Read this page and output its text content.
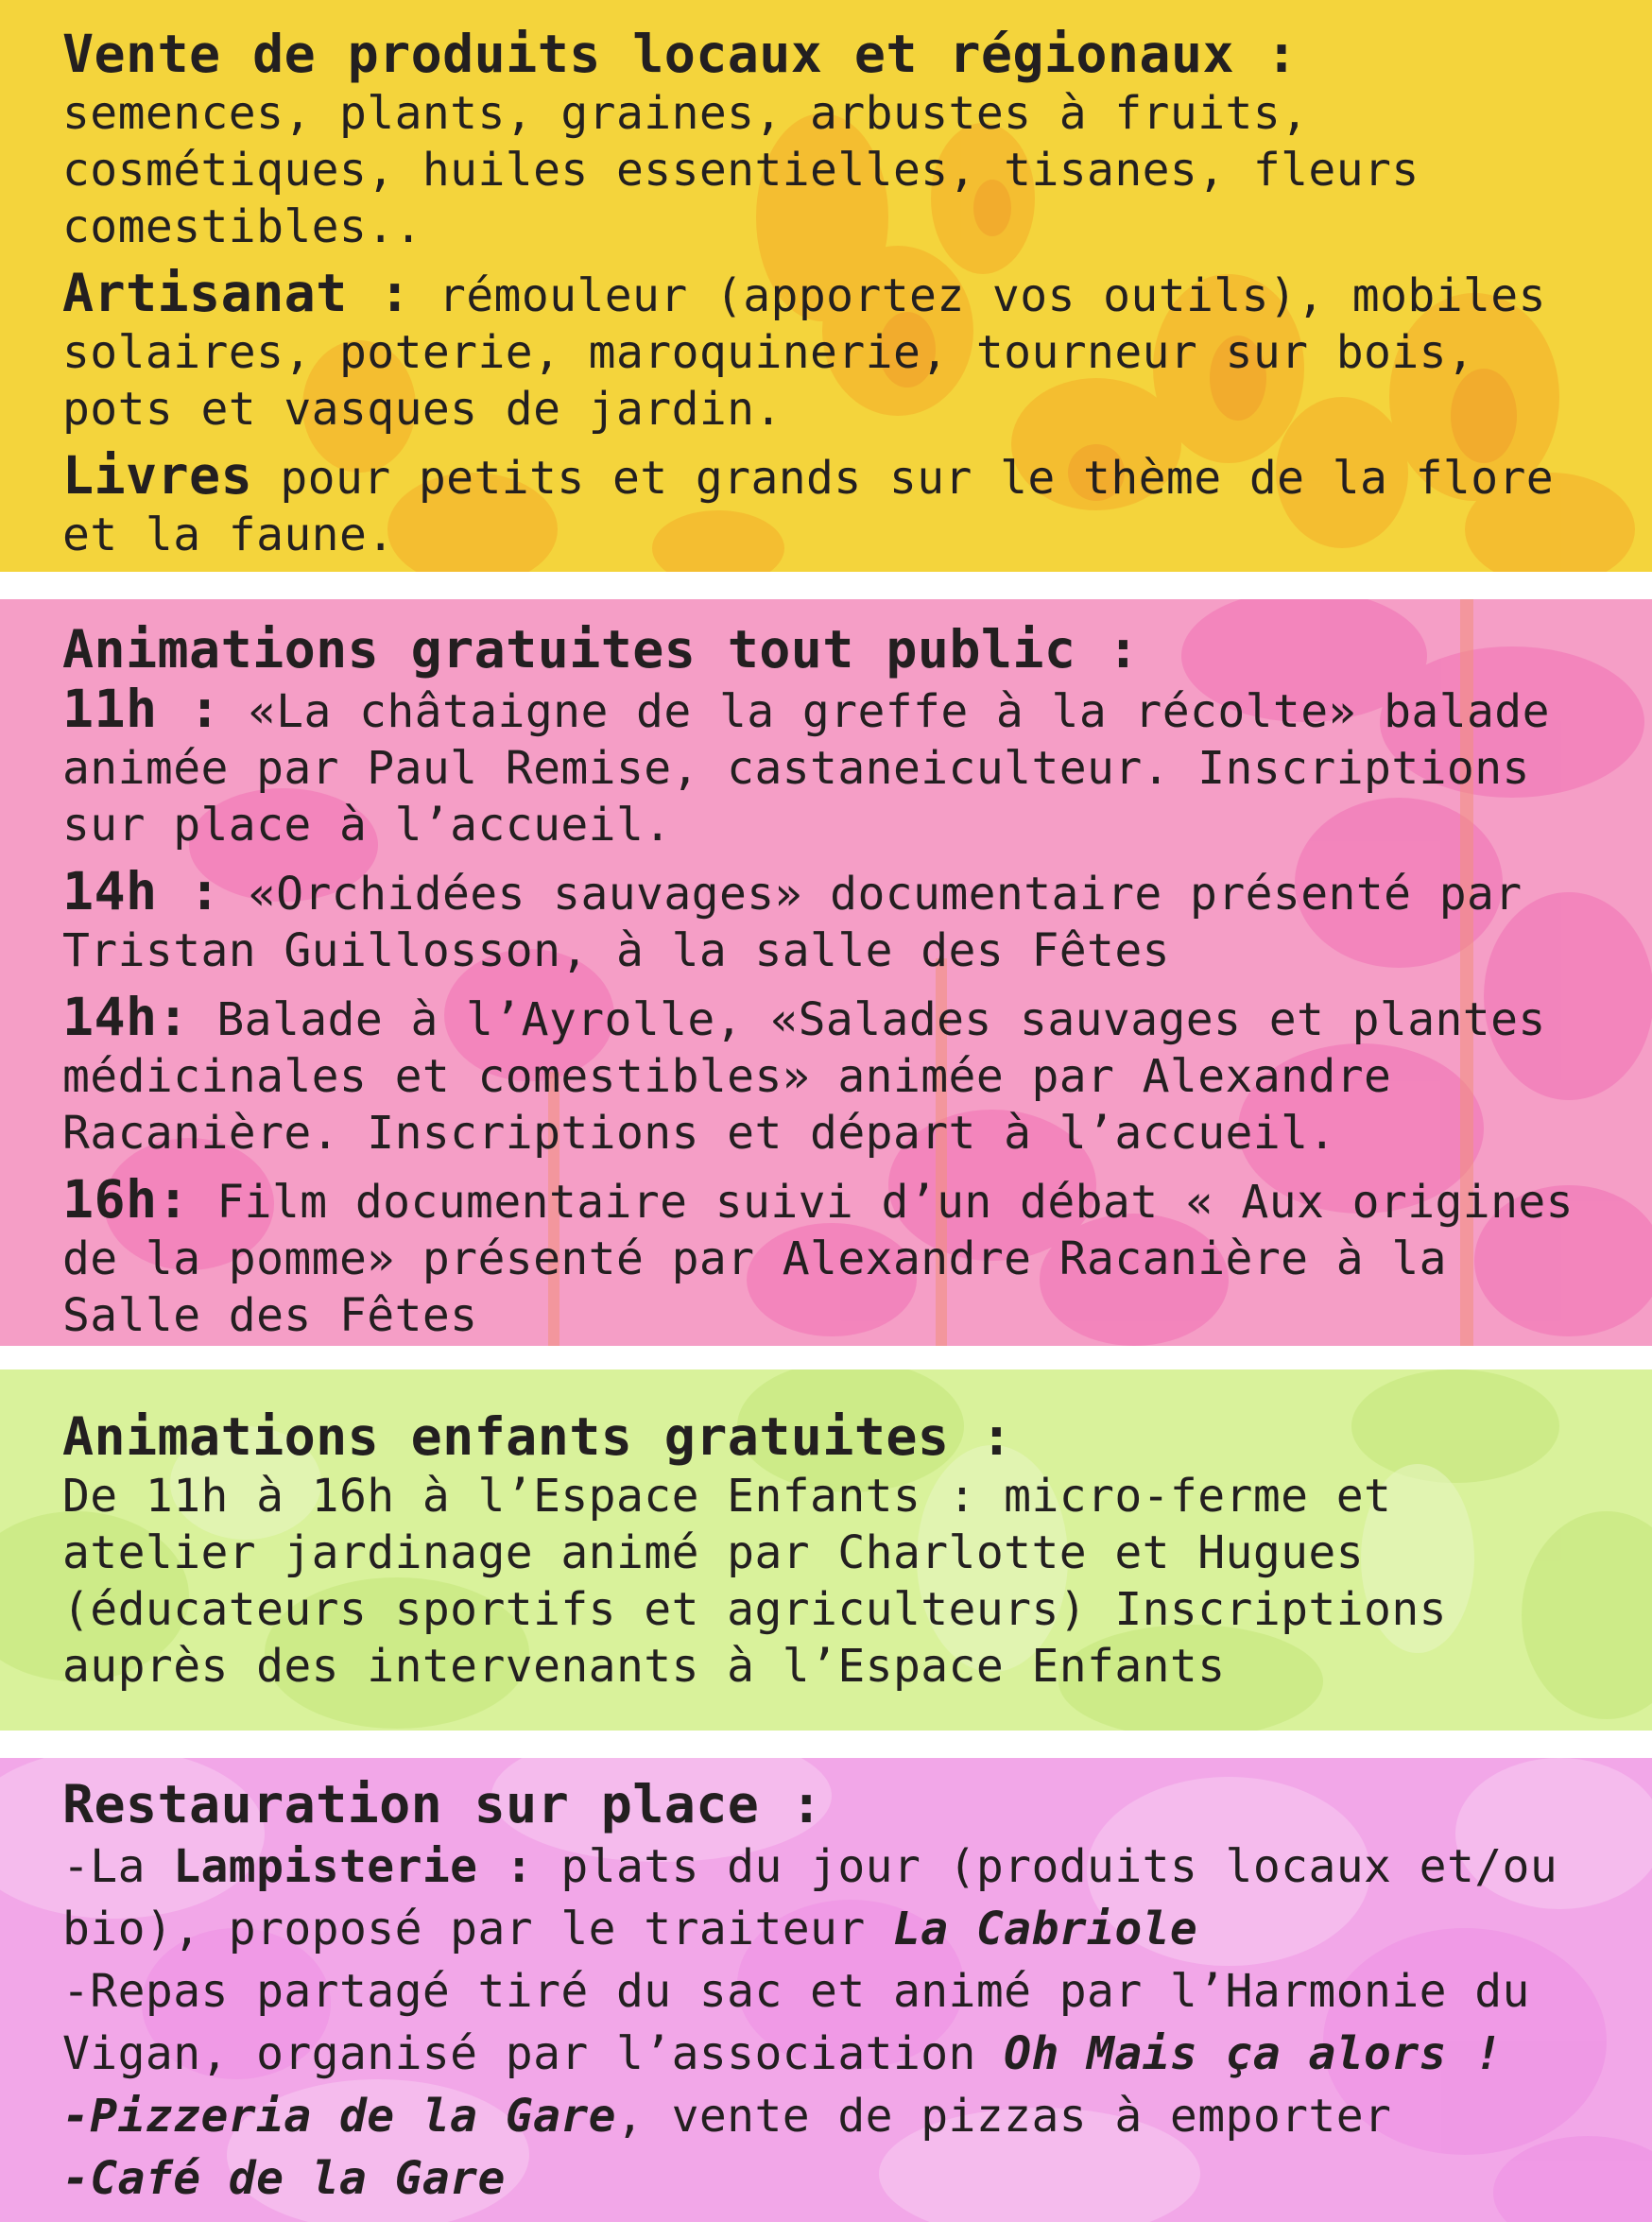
Vente de produits locaux et régionaux :
semences, plants, graines, arbustes à fruits, cosmétiques, huiles essentielles, tisanes, fleurs comestibles..

Artisanat : rémouleur (apportez vos outils), mobiles solaires, poterie, maroquinerie, tourneur sur bois, pots et vasques de jardin.

Livres pour petits et grands sur le thème de la flore et la faune.

Animations gratuites tout public :

11h : «La châtaigne de la greffe à la récolte» balade animée par Paul Remise, castaneiculteur. Inscriptions sur place à l’accueil.

14h : «Orchidées sauvages» documentaire présenté par Tristan Guillosson, à la salle des Fêtes

14h: Balade à l’Ayrolle, «Salades sauvages et plantes médicinales et comestibles» animée par Alexandre Racanière. Inscriptions et départ à l’accueil.

16h: Film documentaire suivi d’un débat « Aux origines de la pomme» présenté par Alexandre Racanière à la Salle des Fêtes

Animations enfants gratuites :
De 11h à 16h à l’Espace Enfants : micro-ferme et atelier jardinage animé par Charlotte et Hugues (éducateurs sportifs et agriculteurs) Inscriptions auprès des intervenants à l’Espace Enfants

Restauration sur place :

-La Lampisterie : plats du jour (produits locaux et/ou bio), proposé par le traiteur La Cabriole

-Repas partagé tiré du sac et animé par l’Harmonie du Vigan, organisé par l’association Oh Mais ça alors !

-Pizzeria de la Gare, vente de pizzas à emporter

-Café de la Gare
